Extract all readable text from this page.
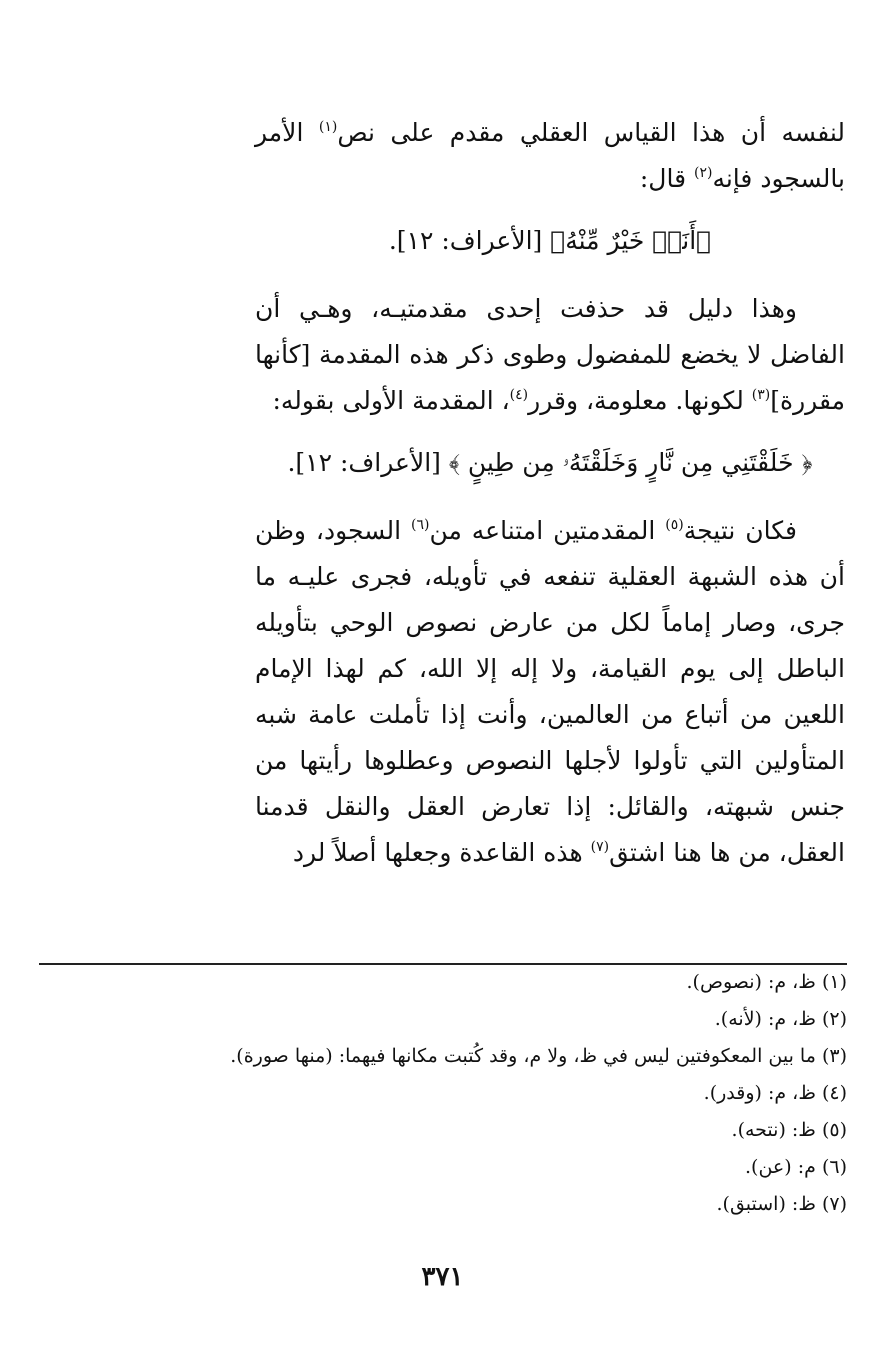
لنفسه أن هذا القياس العقلي مقدم على نص$^{(١)}$ الأمر بالسجود فإنه$^{(٢)}$ قال:

﴿أَنَا۠ خَيْرٌ مِّنْهُ﴾ [الأعراف: ١٢].

وهذا دليل قد حذفت إحدى مقدمتيـه، وهـي أن الفاضل لا يخضع للمفضول وطوى ذكر هذه المقدمة [كأنها مقررة]$^{(٣)}$ لكونها. معلومة، وقرر$^{(٤)}$، المقدمة الأولى بقوله:

﴿ خَلَقْتَنِي مِن نَّارٍ وَخَلَقْتَهُۥ مِن طِينٍ ﴾ [الأعراف: ١٢].

فكان نتيجة$^{(٥)}$ المقدمتين امتناعه من$^{(٦)}$ السجود، وظن أن هذه الشبهة العقلية تنفعه في تأويله، فجرى عليـه ما جرى، وصار إماماً لكل من عارض نصوص الوحي بتأويله الباطل إلى يوم القيامة، ولا إله إلا الله، كم لهذا الإمام اللعين من أتباع من العالمين، وأنت إذا تأملت عامة شبه المتأولين التي تأولوا لأجلها النصوص وعطلوها رأيتها من جنس شبهته، والقائل: إذا تعارض العقل والنقل قدمنا العقل، من ها هنا اشتق$^{(٧)}$ هذه القاعدة وجعلها أصلاً لرد

(١) ظ، م: (نصوص).
(٢) ظ، م: (لأنه).
(٣) ما بين المعكوفتين ليس في ظ، ولا م، وقد كُتبت مكانها فيهما: (منها صورة).
(٤) ظ، م: (وقدر).
(٥) ظ: (نتحه).
(٦) م: (عن).
(٧) ظ: (استبق).
٣٧١
